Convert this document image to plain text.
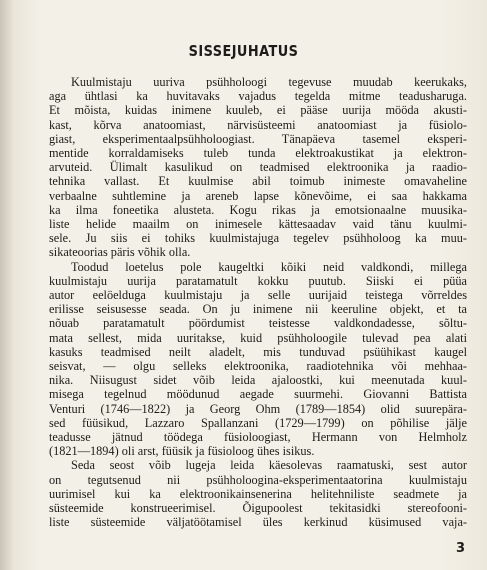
SISSEJUHATUS
Kuulmistaju uuriva psühholoogi tegevuse muudab keerukaks,
aga ühtlasi ka huvitavaks vajadus tegelda mitme teadusharuga.
Et mõista, kuidas inimene kuuleb, ei pääse uurija mööda akusti-
kast, kõrva anatoomiast, närvisüsteemi anatoomiast ja füsiolo-
giast, eksperimentaalpsühholoogiast. Tänapäeva tasemel eksperi-
mentide korraldamiseks tuleb tunda elektroakustikat ja elektron-
arvuteid. Ülimalt kasulikud on teadmised elektroonika ja raadio-
tehnika vallast. Et kuulmise abil toimub inimeste omavaheline
verbaalne suhtlemine ja areneb lapse kõnevõime, ei saa hakkama
ka ilma foneetika alusteta. Kogu rikas ja emotsionaalne muusika-
liste helide maailm on inimesele kättesaadav vaid tänu kuulmi-
sele. Ju siis ei tohiks kuulmistajuga tegelev psühholoog ka muu-
sikateoorias päris võhik olla.
Toodud loetelus pole kaugeltki kõiki neid valdkondi, millega
kuulmistaju uurija paratamatult kokku puutub. Siiski ei püüa
autor eelöelduga kuulmistaju ja selle uurijaid teistega võrreldes
erilisse seisusesse seada. On ju inimene nii keeruline objekt, et ta
nõuab paratamatult pöördumist teistesse valdkondadesse, sõltu-
mata sellest, mida uuritakse, kuid psühholoogile tulevad pea alati
kasuks teadmised neilt aladelt, mis tunduvad psüühikast kaugel
seisvat, — olgu selleks elektroonika, raadiotehnika või mehhaa-
nika. Niisugust sidet võib leida ajaloostki, kui meenutada kuul-
misega tegelnud möödunud aegade suurmehi. Giovanni Battista
Venturi (1746—1822) ja Georg Ohm (1789—1854) olid suurepära-
sed füüsikud, Lazzaro Spallanzani (1729—1799) on põhilise jälje
teadusse jätnud töödega füsioloogiast, Hermann von Helmholz
(1821—1894) oli arst, füüsik ja füsioloog ühes isikus.
Seda seost võib lugeja leida käesolevas raamatuski, sest autor
on tegutsenud nii psühholoogina-eksperimentaatorina kuulmistaju
uurimisel kui ka elektroonikainsenerina helitehniliste seadmete ja
süsteemide konstrueerimisel. Õigupoolest tekitasidki stereofooni-
liste süsteemide väljatöötamisel üles kerkinud küsimused vaja-
3
